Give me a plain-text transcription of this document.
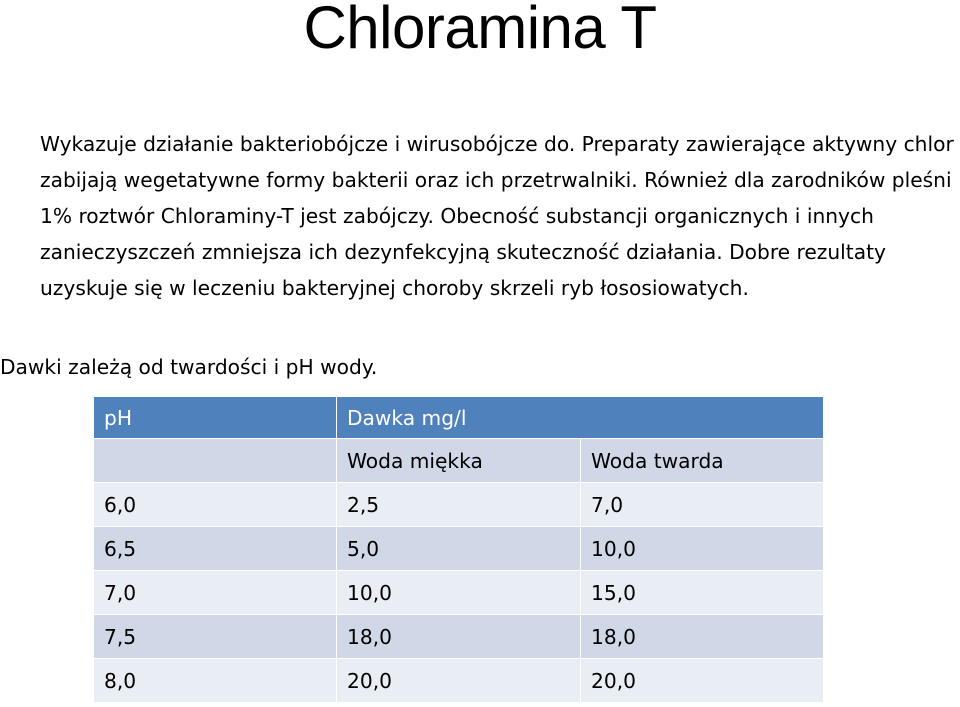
Chloramina T

Wykazuje działanie bakteriobójcze i wirusobójcze do. Preparaty zawierające aktywny chlor zabijają wegetatywne formy bakterii oraz ich przetrwalniki. Również dla zarodników pleśni 1% roztwór Chloraminy-T jest zabójczy. Obecność substancji organicznych i innych zanieczyszczeń zmniejsza ich dezynfekcyjną skuteczność działania. Dobre rezultaty uzyskuje się w leczeniu bakteryjnej choroby skrzeli ryb łososiowatych.

Dawki zależą od twardości i pH wody.

pH	Dawka mg/l	
	Woda miękka	Woda twarda
6,0	2,5	7,0
6,5	5,0	10,0
7,0	10,0	15,0
7,5	18,0	18,0
8,0	20,0	20,0
